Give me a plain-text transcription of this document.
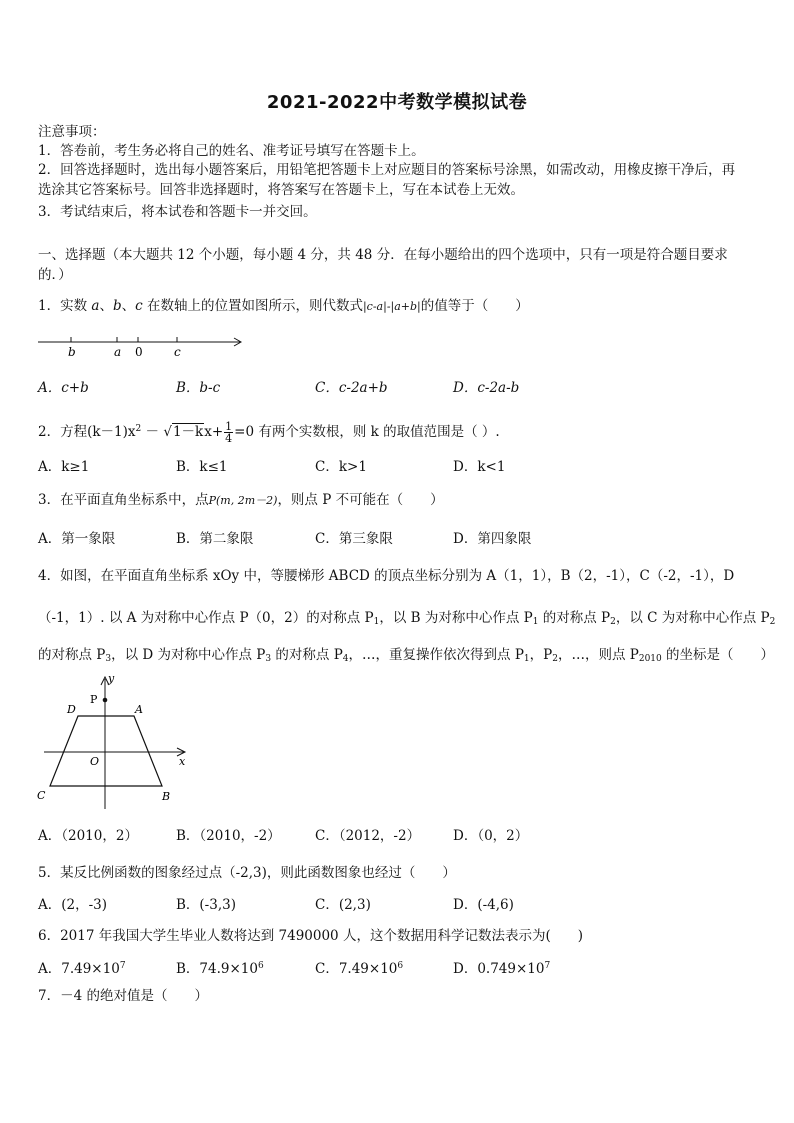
2021-2022中考数学模拟试卷
注意事项：
1．答卷前，考生务必将自己的姓名、准考证号填写在答题卡上。
2．回答选择题时，选出每小题答案后，用铅笔把答题卡上对应题目的答案标号涂黑，如需改动，用橡皮擦干净后，再
选涂其它答案标号。回答非选择题时，将答案写在答题卡上，写在本试卷上无效。
3．考试结束后，将本试卷和答题卡一并交回。
一、选择题（本大题共 12 个小题，每小题 4 分，共 48 分．在每小题给出的四个选项中，只有一项是符合题目要求
的．）
1．实数 a、b、c 在数轴上的位置如图所示，则代数式|c-a|-|a+b|的值等于（　　）
b	a 0	c
A．c+b	B．b-c	C．c-2a+b	D．c-2a-b
2．方程$(k-1)x^2 - √1-kx+ \frac{1}{4} =0$ 有两个实数根，则 k 的取值范围是（ ）.
A．k≥1	B．k≤1	C．k>1	D．k<1
3．在平面直角坐标系中，点P(m, 2m－2)，则点 P 不可能在（　　）
A．第一象限	B．第二象限	C．第三象限	D．第四象限
4．如图，在平面直角坐标系 xOy 中，等腰梯形 ABCD 的顶点坐标分别为 A（1，1），B（2，-1），C（-2，-1），D
（-1，1）. 以 A 为对称中心作点 P（0，2）的对称点 $P_1$，以 B 为对称中心作点 $P_1$ 的对称点 $P_2$，以 C 为对称中心作点 $P_2$
的对称点 $P_3$，以 D 为对称中心作点 $P_3$ 的对称点 $P_4$，…，重复操作依次得到点 $P_1$，$P_2$，…，则点 $P_{2010}$ 的坐标是（　　）
y
P
D	A
O	x
C	B
A．（2010，2）	B．（2010，-2）	C．（2012，-2） D．（0，2）
5．某反比例函数的图象经过点（-2,3)，则此函数图象也经过（　　）
A．(2，-3)	B．(-3,3)	C．(2,3)	D．(-4,6)
6．2017 年我国大学生毕业人数将达到 7490000 人，这个数据用科学记数法表示为(　　)
A．$7.49\times 10^7$	B．$74.9\times 10^6$	C．$7.49\times 10^6$	D．$0.749\times 10^7$
7．－4 的绝对值是（　　）
